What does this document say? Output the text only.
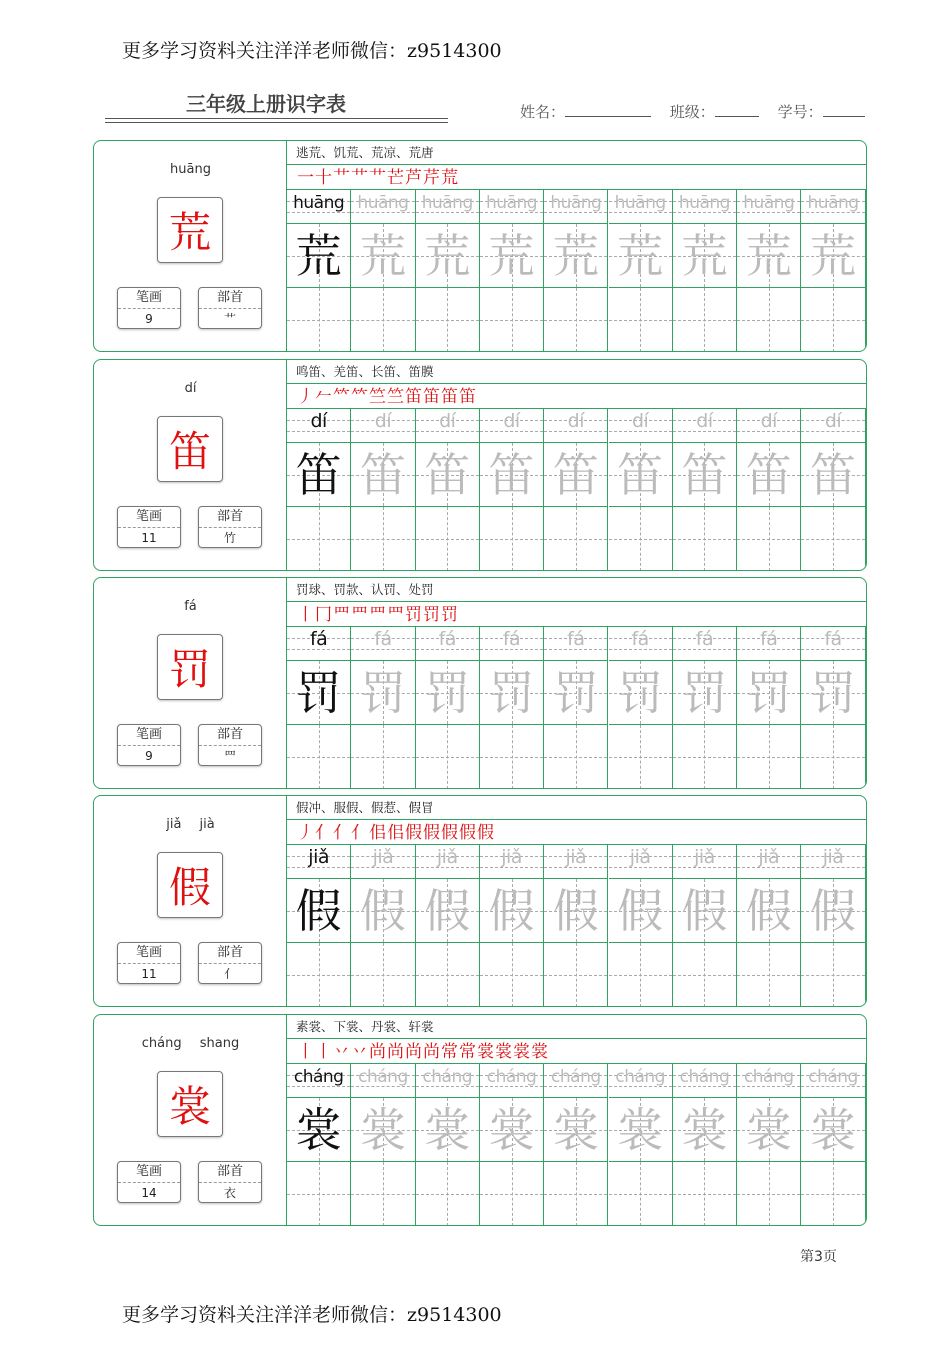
更多学习资料关注洋洋老师微信：z9514300
三年级上册识字表	姓名：	班级：	学号：
huāng
荒
笔画
9
部首
艹
逃荒、饥荒、荒凉、荒唐
一 十 艹 艹 艹 芒 芦 芹 荒
huāng
荒
huāng
荒
huāng
荒
huāng
荒
huāng
荒
huāng
荒
huāng
荒
huāng
荒
huāng
荒
dí
笛
笔画
11
部首
竹
鸣笛、羌笛、长笛、笛膜
丿 𠂉 𥫗 𥫗 竺 竺 笛 笛 笛 笛
dí
笛
dí
笛
dí
笛
dí
笛
dí
笛
dí
笛
dí
笛
dí
笛
dí
笛
fá
罚
笔画
9
部首
罒
罚球、罚款、认罚、处罚
丨 冂 罒 罒 罒 罒 罚 罚 罚
fá
罚
fá
罚
fá
罚
fá
罚
fá
罚
fá
罚
fá
罚
fá
罚
fá
罚
jiǎ jià
假
笔画
11
部首
亻
假冲、服假、假惹、假冒
丿 亻 亻 亻 佀 佀 假 假 假 假 假
jiǎ
假
jiǎ
假
jiǎ
假
jiǎ
假
jiǎ
假
jiǎ
假
jiǎ
假
jiǎ
假
jiǎ
假
cháng shang
裳
笔画
14
部首
衣
素裳、下裳、丹裳、轩裳
丨 丨 丷 丷 尚 尚 尚 尚 常 常 裳 裳 裳 裳
cháng
裳
cháng
裳
cháng
裳
cháng
裳
cháng
裳
cháng
裳
cháng
裳
cháng
裳
cháng
裳
第3页
更多学习资料关注洋洋老师微信：z9514300
